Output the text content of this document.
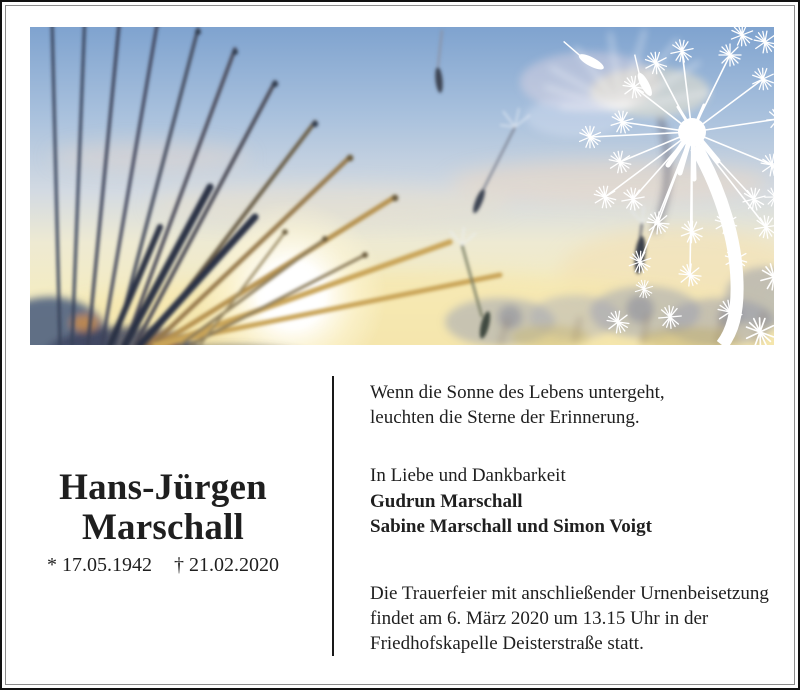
Hans-Jürgen
Marschall
* 17.05.1942 † 21.02.2020
Wenn die Sonne des Lebens untergeht,
leuchten die Sterne der Erinnerung.
In Liebe und Dankbarkeit
Gudrun Marschall
Sabine Marschall und Simon Voigt
Die Trauerfeier mit anschließender Urnenbeisetzung
findet am 6. März 2020 um 13.15 Uhr in der
Friedhofskapelle Deisterstraße statt.
